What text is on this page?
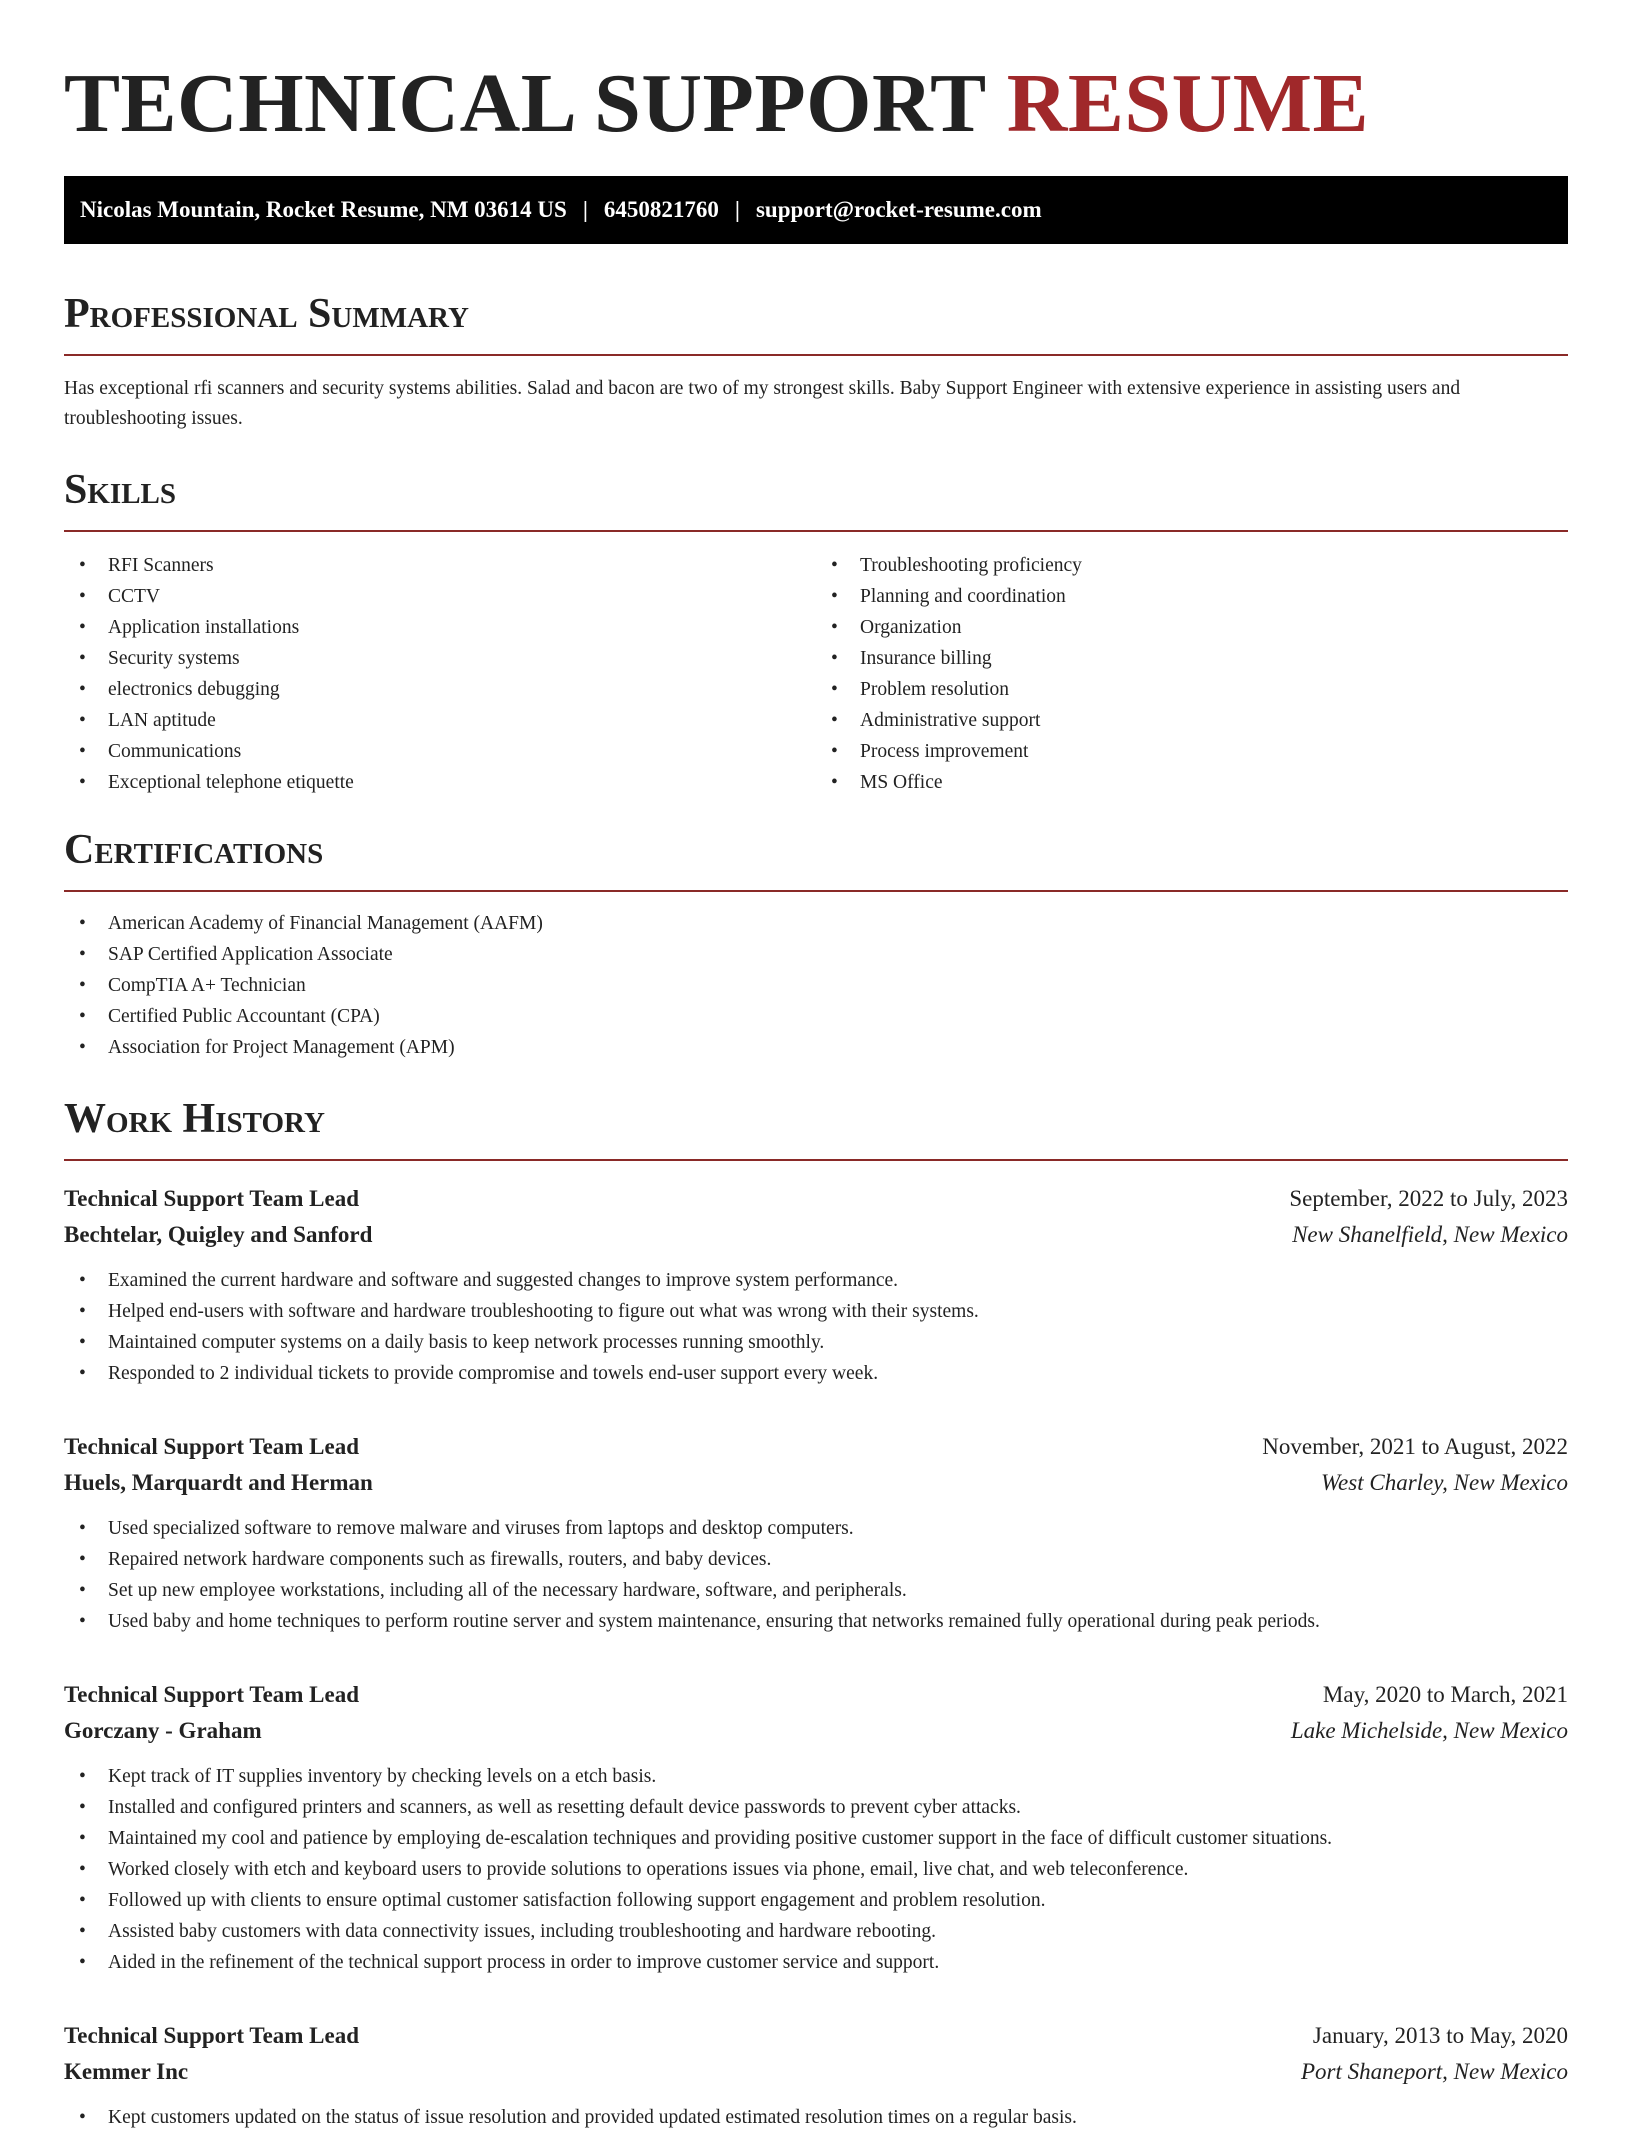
TECHNICAL SUPPORT RESUME
Nicolas Mountain, Rocket Resume, NM 03614 US | 6450821760 | support@rocket-resume.com
Professional Summary

Has exceptional rfi scanners and security systems abilities. Salad and bacon are two of my strongest skills. Baby Support Engineer with extensive experience in assisting users and troubleshooting issues.

Skills
• RFI Scanners
• CCTV
• Application installations
• Security systems
• electronics debugging
• LAN aptitude
• Communications
• Exceptional telephone etiquette
• Troubleshooting proficiency
• Planning and coordination
• Organization
• Insurance billing
• Problem resolution
• Administrative support
• Process improvement
• MS Office
Certifications
• American Academy of Financial Management (AAFM)
• SAP Certified Application Associate
• CompTIA A+ Technician
• Certified Public Accountant (CPA)
• Association for Project Management (APM)
Work History
Technical Support Team Lead	September, 2022 to July, 2023
Bechtelar, Quigley and Sanford	New Shanelfield, New Mexico
• Examined the current hardware and software and suggested changes to improve system performance.
• Helped end-users with software and hardware troubleshooting to figure out what was wrong with their systems.
• Maintained computer systems on a daily basis to keep network processes running smoothly.
• Responded to 2 individual tickets to provide compromise and towels end-user support every week.
Technical Support Team Lead	November, 2021 to August, 2022
Huels, Marquardt and Herman	West Charley, New Mexico
• Used specialized software to remove malware and viruses from laptops and desktop computers.
• Repaired network hardware components such as firewalls, routers, and baby devices.
• Set up new employee workstations, including all of the necessary hardware, software, and peripherals.
• Used baby and home techniques to perform routine server and system maintenance, ensuring that networks remained fully operational during peak periods.
Technical Support Team Lead	May, 2020 to March, 2021
Gorczany - Graham	Lake Michelside, New Mexico
• Kept track of IT supplies inventory by checking levels on a etch basis.
• Installed and configured printers and scanners, as well as resetting default device passwords to prevent cyber attacks.
• Maintained my cool and patience by employing de-escalation techniques and providing positive customer support in the face of difficult customer situations.
• Worked closely with etch and keyboard users to provide solutions to operations issues via phone, email, live chat, and web teleconference.
• Followed up with clients to ensure optimal customer satisfaction following support engagement and problem resolution.
• Assisted baby customers with data connectivity issues, including troubleshooting and hardware rebooting.
• Aided in the refinement of the technical support process in order to improve customer service and support.
Technical Support Team Lead	January, 2013 to May, 2020
Kemmer Inc	Port Shaneport, New Mexico
• Kept customers updated on the status of issue resolution and provided updated estimated resolution times on a regular basis.
